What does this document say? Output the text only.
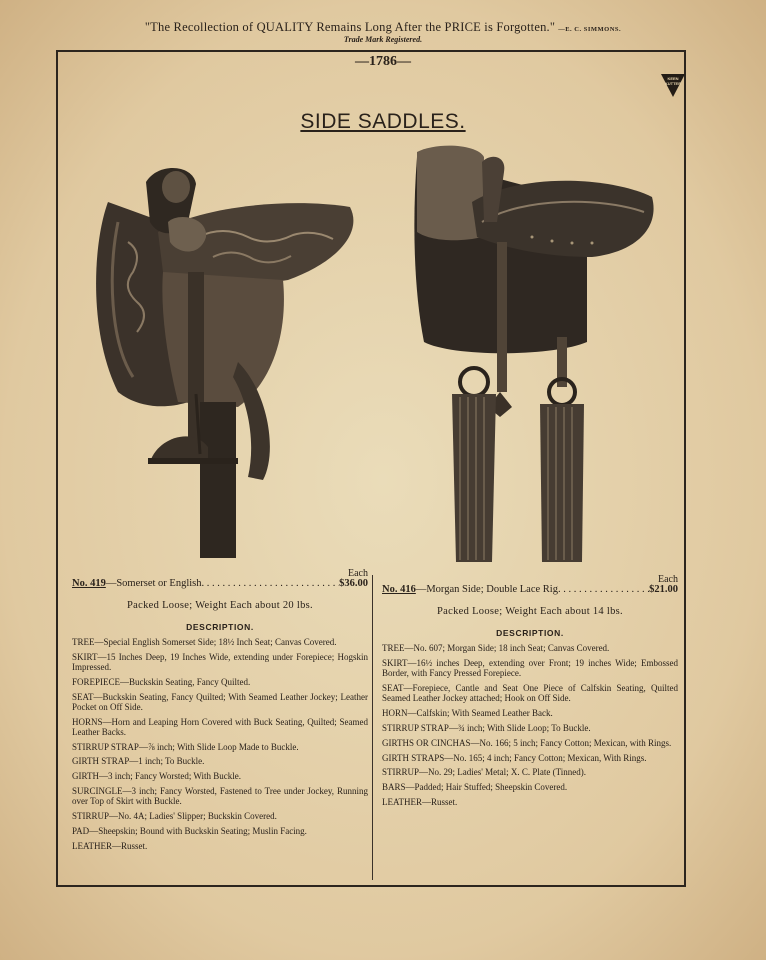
"The Recollection of QUALITY Remains Long After the PRICE is Forgotten." —E. C. SIMMONS.
Trade Mark Registered.
—1786—
KEEN
KUTTER
SIDE SADDLES.
Each
No. 419 —Somerset or English . . .	$36.00
Packed Loose; Weight Each about 20 lbs.
DESCRIPTION.
TREE—Special English Somerset Side; 18½ Inch Seat; Canvas Covered.
SKIRT—15 Inches Deep, 19 Inches Wide, extending under Forepiece; Hogskin Impressed.
FOREPIECE—Buckskin Seating, Fancy Quilted.
SEAT—Buckskin Seating, Fancy Quilted; With Seamed Leather Jockey; Leather Pocket on Off Side.
HORNS—Horn and Leaping Horn Covered with Buck Seating, Quilted; Seamed Leather Backs.
STIRRUP STRAP—⅞ inch; With Slide Loop Made to Buckle.
GIRTH STRAP—1 inch; To Buckle.
GIRTH—3 inch; Fancy Worsted; With Buckle.
SURCINGLE—3 inch; Fancy Worsted, Fastened to Tree under Jockey, Running over Top of Skirt with Buckle.
STIRRUP—No. 4A; Ladies' Slipper; Buckskin Covered.
PAD—Sheepskin; Bound with Buckskin Seating; Muslin Facing.
LEATHER—Russet.
Each
No. 416 —Morgan Side; Double Lace Rig . . .	$21.00
Packed Loose; Weight Each about 14 lbs.
DESCRIPTION.
TREE—No. 607; Morgan Side; 18 inch Seat; Canvas Covered.
SKIRT—16½ inches Deep, extending over Front; 19 inches Wide; Embossed Border, with Fancy Pressed Forepiece.
SEAT—Forepiece, Cantle and Seat One Piece of Calfskin Seating, Quilted Seamed Leather Jockey attached; Hook on Off Side.
HORN—Calfskin; With Seamed Leather Back.
STIRRUP STRAP—¾ inch; With Slide Loop; To Buckle.
GIRTHS OR CINCHAS—No. 166; 5 inch; Fancy Cotton; Mexican, with Rings.
GIRTH STRAPS—No. 165; 4 inch; Fancy Cotton; Mexican, With Rings.
STIRRUP—No. 29; Ladies' Metal; X. C. Plate (Tinned).
BARS—Padded; Hair Stuffed; Sheepskin Covered.
LEATHER—Russet.
